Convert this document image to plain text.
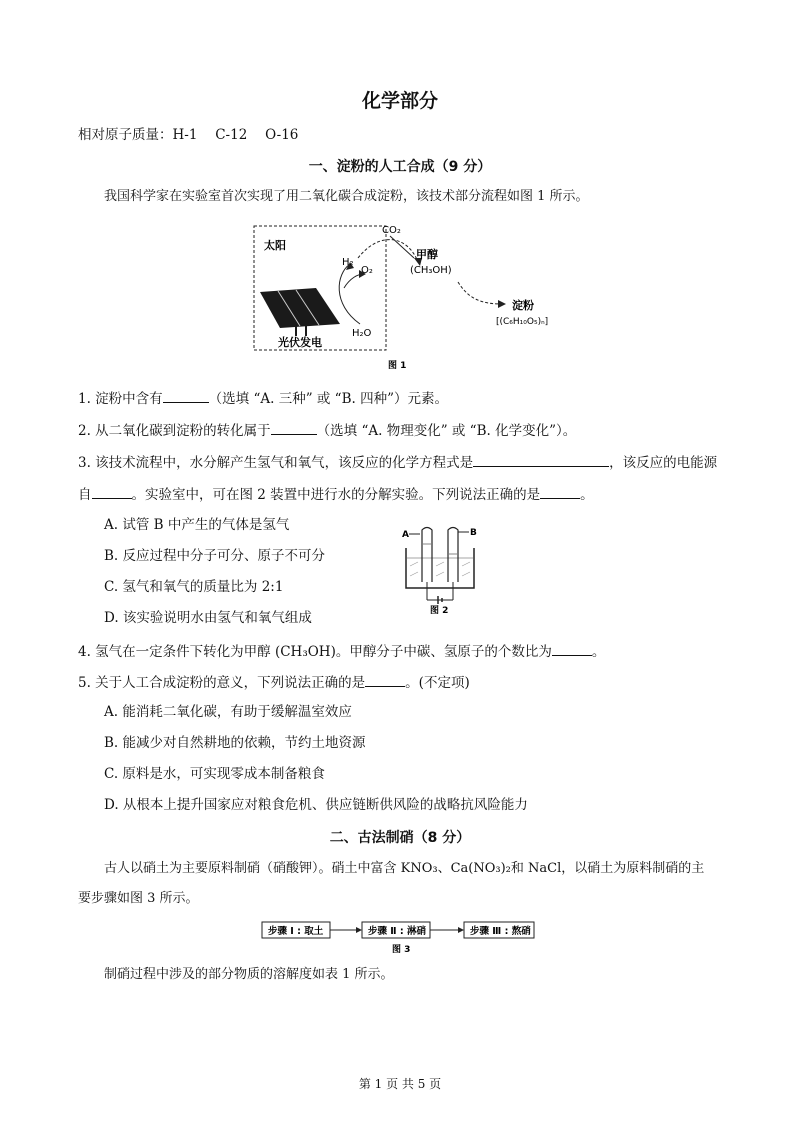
化学部分
相对原子质量：H-1　 C-12　 O-16
一、淀粉的人工合成（9 分）
我国科学家在实验室首次实现了用二氧化碳合成淀粉，该技术部分流程如图 1 所示。
太阳
光伏发电
H₂
O₂
H₂O
CO₂
甲醇
(CH₃OH)
淀粉
[(C₆H₁₀O₅)ₙ]
图 1
1. 淀粉中含有	（选填 “A. 三种” 或 “B. 四种”）元素。
2. 从二氧化碳到淀粉的转化属于	（选填 “A. 物理变化” 或 “B. 化学变化”）。
3. 该技术流程中，水分解产生氢气和氧气，该反应的化学方程式是	，该反应的电能源
自	。实验室中，可在图 2 装置中进行水的分解实验。下列说法正确的是	。
A. 试管 B 中产生的气体是氢气
B. 反应过程中分子可分、原子不可分
C. 氢气和氧气的质量比为 2:1
D. 该实验说明水由氢气和氧气组成
A	B
图 2
4. 氢气在一定条件下转化为甲醇 (CH₃OH)。甲醇分子中碳、氢原子的个数比为	。
5. 关于人工合成淀粉的意义，下列说法正确的是	。(不定项)
A. 能消耗二氧化碳，有助于缓解温室效应
B. 能减少对自然耕地的依赖，节约土地资源
C. 原料是水，可实现零成本制备粮食
D. 从根本上提升国家应对粮食危机、供应链断供风险的战略抗风险能力
二、古法制硝（8 分）
古人以硝土为主要原料制硝（硝酸钾）。硝土中富含 KNO₃、Ca(NO₃)₂和 NaCl，以硝土为原料制硝的主
要步骤如图 3 所示。
步骤 Ⅰ : 取土	步骤 Ⅱ : 淋硝	步骤 Ⅲ : 熬硝
图 3
制硝过程中涉及的部分物质的溶解度如表 1 所示。
第 1 页 共 5 页
